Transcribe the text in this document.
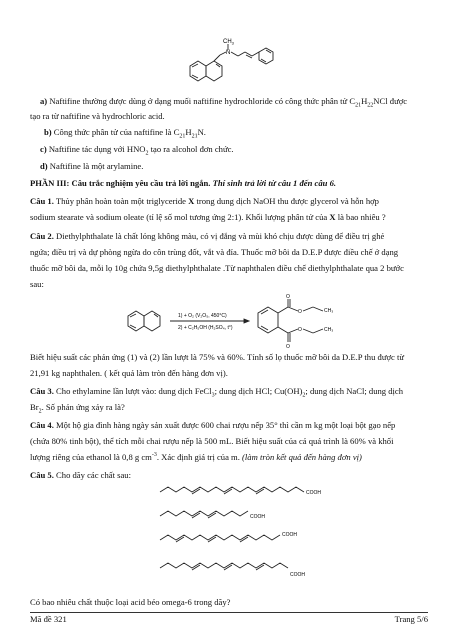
N
$CH_3$
a) Naftifine thường được dùng ở dạng muối naftifine hydrochloride có công thức phân tử $C_{21}H_{22}NCl$ được
tạo ra từ naftifine và hydrochloric acid.
b) Công thức phân tử của naftifine là $C_{21}H_{21}N$.
c) Naftifine tác dụng với $HNO_2$ tạo ra alcohol đơn chức.
d) Naftifine là một arylamine.
PHẦN III: Câu trắc nghiệm yêu cầu trả lời ngắn. Thí sinh trả lời từ câu 1 đến câu 6.
Câu 1. Thủy phân hoàn toàn một triglyceride X trong dung dịch NaOH thu được glycerol và hỗn hợp
sodium stearate và sodium oleate (tỉ lệ số mol tương ứng 2:1). Khối lượng phân tử của X là bao nhiêu ?
Câu 2. Diethylphthalate là chất lỏng không màu, có vị đắng và mùi khó chịu được dùng để điều trị ghẻ
ngứa; điều trị và dự phòng ngừa do côn trùng đốt, vắt và đỉa. Thuốc mỡ bôi da D.E.P được điều chế ở dạng
thuốc mỡ bôi da, mỗi lọ 10g chứa 9,5g diethylphthalate .Từ naphthalen điều chế diethylphthalate qua 2 bước
sau:
1) + O₂ (V₂O₅, 450°C)
2) + C₂H₅OH (H₂SO₄, t°)
O
O
O
O
CH₃
CH₃
Biết hiệu suất các phản ứng (1) và (2) lần lượt là 75% và 60%. Tính số lọ thuốc mỡ bôi da D.E.P thu được từ
21,91 kg naphthalen. ( kết quả làm tròn đến hàng đơn vị).
Câu 3. Cho ethylamine lần lượt vào: dung dịch FeCl$_3$; dung dịch HCl; $Cu(OH)_2$; dung dịch NaCl; dung dịch
$Br_2$. Số phản ứng xảy ra là?
Câu 4. Một hộ gia đình hàng ngày sản xuất được 600 chai rượu nếp 35° thì cần m kg một loại bột gạo nếp
(chứa 80% tinh bột), thể tích mỗi chai rượu nếp là 500 mL. Biết hiệu suất của cả quá trình là 60% và khối
lượng riêng của ethanol là 0,8 g $cm^{-3}$. Xác định giá trị của m. (làm tròn kết quả đến hàng đơn vị)
Câu 5. Cho dãy các chất sau:
COOH
COOH
COOH
COOH
Có bao nhiêu chất thuộc loại acid béo omega-6 trong dãy?
Mã đề 321	Trang 5/6
